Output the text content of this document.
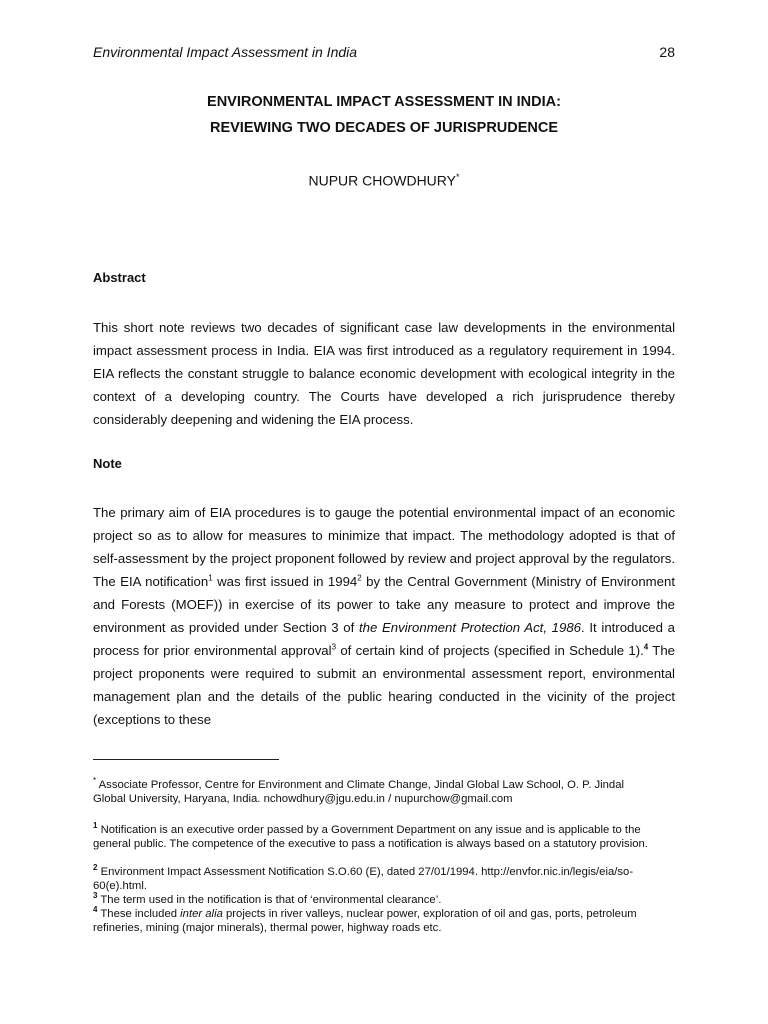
Environmental Impact Assessment in India	28
ENVIRONMENTAL IMPACT ASSESSMENT IN INDIA:
REVIEWING TWO DECADES OF JURISPRUDENCE
NUPUR CHOWDHURY*
Abstract

This short note reviews two decades of significant case law developments in the environmental impact assessment process in India. EIA was first introduced as a regulatory requirement in 1994. EIA reflects the constant struggle to balance economic development with ecological integrity in the context of a developing country. The Courts have developed a rich jurisprudence thereby considerably deepening and widening the EIA process.

Note

The primary aim of EIA procedures is to gauge the potential environmental impact of an economic project so as to allow for measures to minimize that impact. The methodology adopted is that of self-assessment by the project proponent followed by review and project approval by the regulators. The EIA notification$^1$ was first issued in 1994$^2$ by the Central Government (Ministry of Environment and Forests (MOEF)) in exercise of its power to take any measure to protect and improve the environment as provided under Section 3 of the Environment Protection Act, 1986. It introduced a process for prior environmental approval$^3$ of certain kind of projects (specified in Schedule 1).$^4$ The project proponents were required to submit an environmental assessment report, environmental management plan and the details of the public hearing conducted in the vicinity of the project (exceptions to these

* Associate Professor, Centre for Environment and Climate Change, Jindal Global Law School, O. P. Jindal Global University, Haryana, India. nchowdhury@jgu.edu.in / nupurchow@gmail.com
$^1$ Notification is an executive order passed by a Government Department on any issue and is applicable to the general public. The competence of the executive to pass a notification is always based on a statutory provision.
$^2$ Environment Impact Assessment Notification S.O.60 (E), dated 27/01/1994. http://envfor.nic.in/legis/eia/so-60(e).html.
$^3$ The term used in the notification is that of ‘environmental clearance’.
$^4$ These included inter alia projects in river valleys, nuclear power, exploration of oil and gas, ports, petroleum refineries, mining (major minerals), thermal power, highway roads etc.
